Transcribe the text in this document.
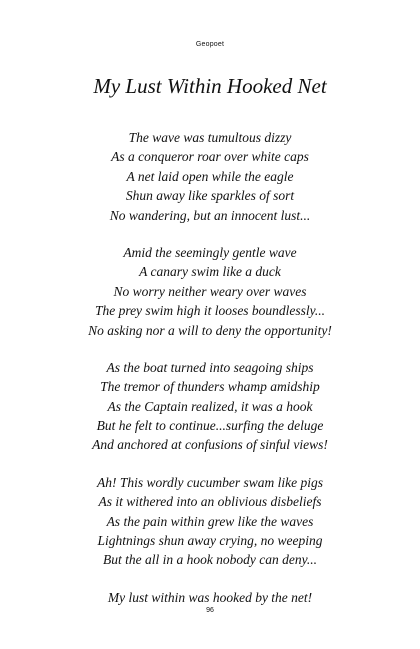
Geopoet
My Lust Within Hooked Net
The wave was tumultous dizzy
As a conqueror roar over white caps
A net laid open while the eagle
Shun away like sparkles of sort
No wandering, but an innocent lust...
Amid the seemingly gentle wave
A canary swim like a duck
No worry neither weary over waves
The prey swim high it looses boundlessly...
No asking nor a will to deny the opportunity!
As the boat turned into seagoing ships
The tremor of thunders whamp amidship
As the Captain realized, it was a hook
But he felt to continue...surfing the deluge
And anchored at confusions of sinful views!
Ah! This wordly cucumber swam like pigs
As it withered into an oblivious disbeliefs
As the pain within grew like the waves
Lightnings shun away crying, no weeping
But the all in a hook nobody can deny...
My lust within was hooked by the net!
96
